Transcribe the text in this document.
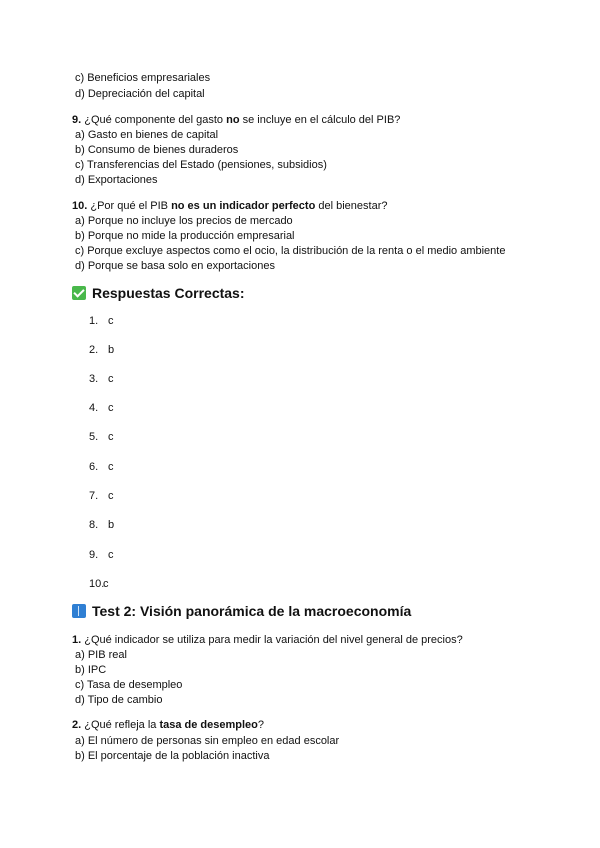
c) Beneficios empresariales
d) Depreciación del capital
9. ¿Qué componente del gasto no se incluye en el cálculo del PIB?
a) Gasto en bienes de capital
b) Consumo de bienes duraderos
c) Transferencias del Estado (pensiones, subsidios)
d) Exportaciones
10. ¿Por qué el PIB no es un indicador perfecto del bienestar?
a) Porque no incluye los precios de mercado
b) Porque no mide la producción empresarial
c) Porque excluye aspectos como el ocio, la distribución de la renta o el medio ambiente
d) Porque se basa solo en exportaciones
Respuestas Correctas:
1. c
2. b
3. c
4. c
5. c
6. c
7. c
8. b
9. c
10.c
Test 2: Visión panorámica de la macroeconomía
1. ¿Qué indicador se utiliza para medir la variación del nivel general de precios?
a) PIB real
b) IPC
c) Tasa de desempleo
d) Tipo de cambio
2. ¿Qué refleja la tasa de desempleo?
a) El número de personas sin empleo en edad escolar
b) El porcentaje de la población inactiva
